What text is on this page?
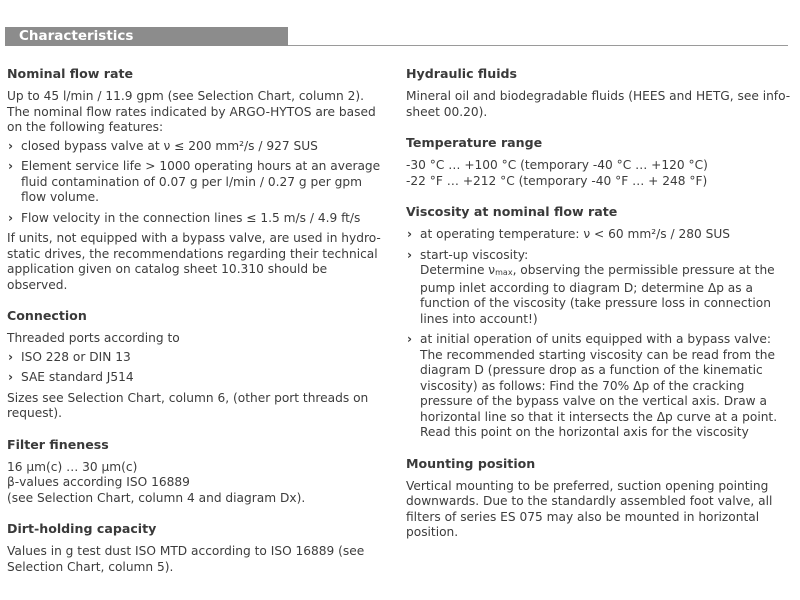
Characteristics
Nominal flow rate

Up to 45 l/min / 11.9 gpm (see Selection Chart, column 2). The nominal flow rates indicated by ARGO-HYTOS are based on the following features:

› closed bypass valve at ν ≤ 200 mm²/s / 927 SUS
› Element service life > 1000 operating hours at an average fluid contamination of 0.07 g per l/min / 0.27 g per gpm flow volume.
› Flow velocity in the connection lines ≤ 1.5 m/s / 4.9 ft/s

If units, not equipped with a bypass valve, are used in hydro-static drives, the recommendations regarding their technical application given on catalog sheet 10.310 should be observed.

Connection

Threaded ports according to

› ISO 228 or DIN 13
› SAE standard J514

Sizes see Selection Chart, column 6, (other port threads on request).

Filter fineness

16 µm(c) … 30 µm(c)

β-values according ISO 16889

(see Selection Chart, column 4 and diagram Dx).

Dirt-holding capacity

Values in g test dust ISO MTD according to ISO 16889 (see Selection Chart, column 5).

Hydraulic fluids

Mineral oil and biodegradable fluids (HEES and HETG, see info-sheet 00.20).

Temperature range

-30 °C … +100 °C (temporary -40 °C … +120 °C)

-22 °F … +212 °C (temporary -40 °F … + 248 °F)

Viscosity at nominal flow rate
› at operating temperature: ν < 60 mm²/s / 280 SUS
› start-up viscosity:
Determine νmax, observing the permissible pressure at the pump inlet according to diagram D; determine Δp as a function of the viscosity (take pressure loss in connection lines into account!)
› at initial operation of units equipped with a bypass valve:
The recommended starting viscosity can be read from the diagram D (pressure drop as a function of the kinematic viscosity) as follows: Find the 70% Δp of the cracking pressure of the bypass valve on the vertical axis. Draw a horizontal line so that it intersects the Δp curve at a point. Read this point on the horizontal axis for the viscosity
Mounting position

Vertical mounting to be preferred, suction opening pointing downwards. Due to the standardly assembled foot valve, all filters of series ES 075 may also be mounted in horizontal position.
